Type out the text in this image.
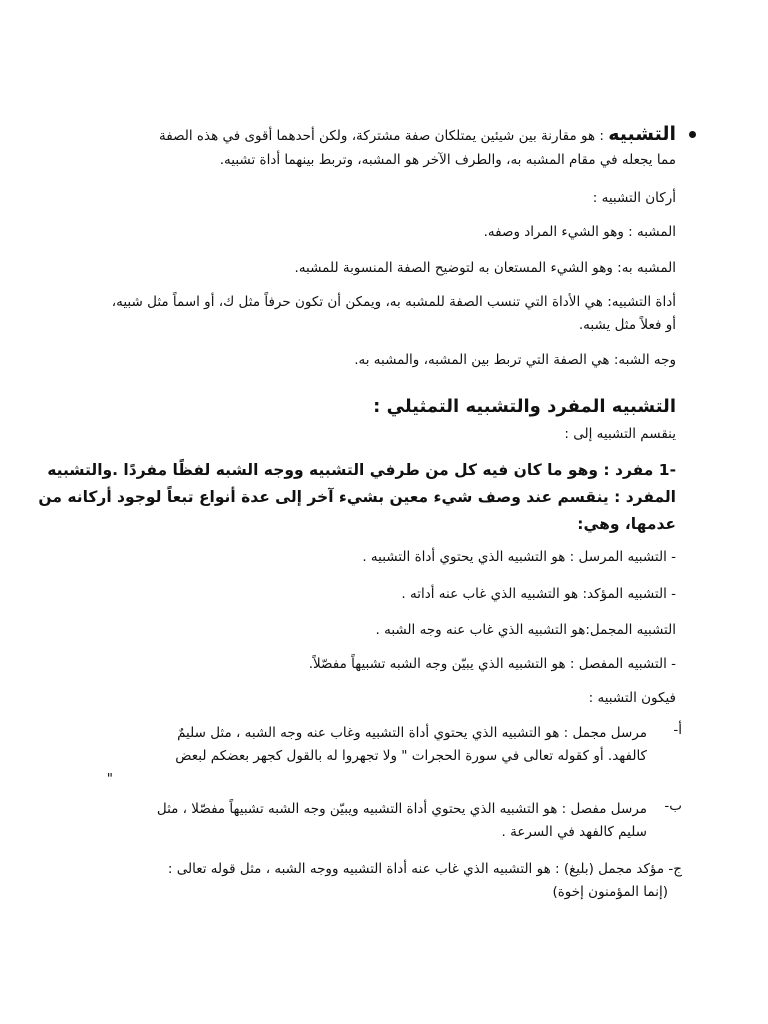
التشبيه : هو مقارنة بين شيئين يمتلكان صفة مشتركة، ولكن أحدهما أقوى في هذه الصفة
مما يجعله في مقام المشبه به، والطرف الآخر هو المشبه، وتربط بينهما أداة تشبيه.
أركان التشبيه :
المشبه : وهو الشيء المراد وصفه.
المشبه به: وهو الشيء المستعان به لتوضيح الصفة المنسوبة للمشبه.
أداة التشبيه: هي الأداة التي تنسب الصفة للمشبه به، ويمكن أن تكون حرفاً مثل ك، أو اسماً مثل شبيه،
أو فعلاً مثل يشبه.
وجه الشبه: هي الصفة التي تربط بين المشبه، والمشبه به.
التشبيه المفرد والتشبيه التمثيلي :
ينقسم التشبيه إلى :
-1 مفرد : وهو ما كان فيه كل من طرفي التشبيه ووجه الشبه لفظًا مفردًا .والتشبيه
المفرد : ينقسم عند وصف شيء معين بشيء آخر إلى عدة أنواع تبعاً لوجود أركانه من
عدمها، وهي:
- التشبيه المرسل : هو التشبيه الذي يحتوي أداة التشبيه .
- التشبيه المؤكد: هو التشبيه الذي غاب عنه أداته .
التشبيه المجمل:هو التشبيه الذي غاب عنه وجه الشبه .
- التشبيه المفصل : هو التشبيه الذي يبيّن وجه الشبه تشبيهاً مفصّلاً.
فيكون التشبيه :
أ-
مرسل مجمل : هو التشبيه الذي يحتوي أداة التشبيه وغاب عنه وجه الشبه ، مثل سليمٌ
كالفهد. أو كقوله تعالى في سورة الحجرات " ولا تجهروا له بالقول كجهر بعضكم لبعض
"
ب-
مرسل مفصل : هو التشبيه الذي يحتوي أداة التشبيه ويبيّن وجه الشبه تشبيهاً مفصّلا ، مثل
سليم كالفهد في السرعة .
ج- مؤكد مجمل (بليغ) : هو التشبيه الذي غاب عنه أداة التشبيه ووجه الشبه ، مثل قوله تعالى :
(إنما المؤمنون إخوة)
